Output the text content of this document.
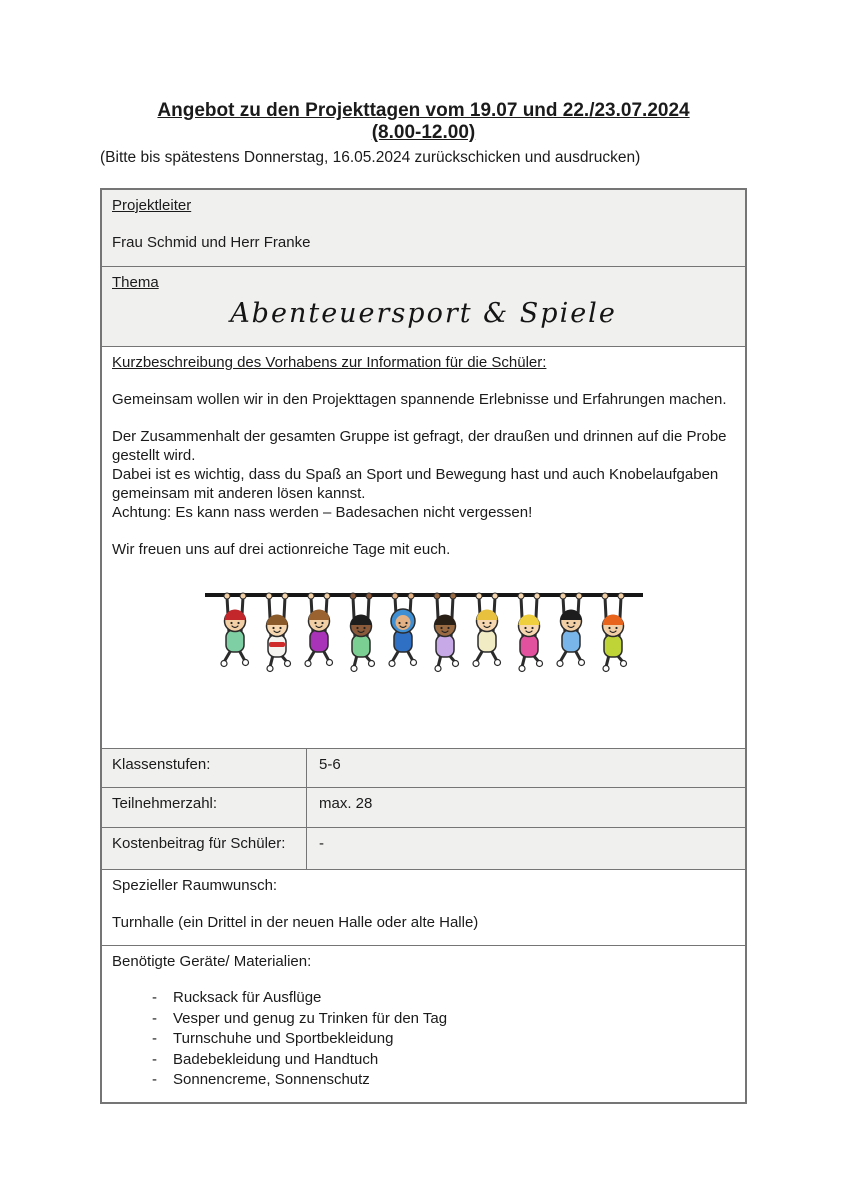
Angebot zu den Projekttagen vom 19.07 und 22./23.07.2024
(8.00-12.00)
(Bitte bis spätestens Donnerstag, 16.05.2024 zurückschicken und ausdrucken)
Projektleiter
Frau Schmid und Herr Franke
Thema
Abenteuersport & Spiele
Kurzbeschreibung des Vorhabens zur Information für die Schüler:
Gemeinsam wollen wir in den Projekttagen spannende Erlebnisse und Erfahrungen machen.
Der Zusammenhalt der gesamten Gruppe ist gefragt, der draußen und drinnen auf die Probe gestellt wird.
Dabei ist es wichtig, dass du Spaß an Sport und Bewegung hast und auch Knobelaufgaben gemeinsam mit anderen lösen kannst.
Achtung: Es kann nass werden – Badesachen nicht vergessen!
Wir freuen uns auf drei actionreiche Tage mit euch.
Klassenstufen:	5-6
Teilnehmerzahl:	max. 28
Kostenbeitrag für Schüler:	-
Spezieller Raumwunsch:
Turnhalle (ein Drittel in der neuen Halle oder alte Halle)
Benötigte Geräte/ Materialien:
-	Rucksack für Ausflüge
-	Vesper und genug zu Trinken für den Tag
-	Turnschuhe und Sportbekleidung
-	Badebekleidung und Handtuch
-	Sonnencreme, Sonnenschutz
